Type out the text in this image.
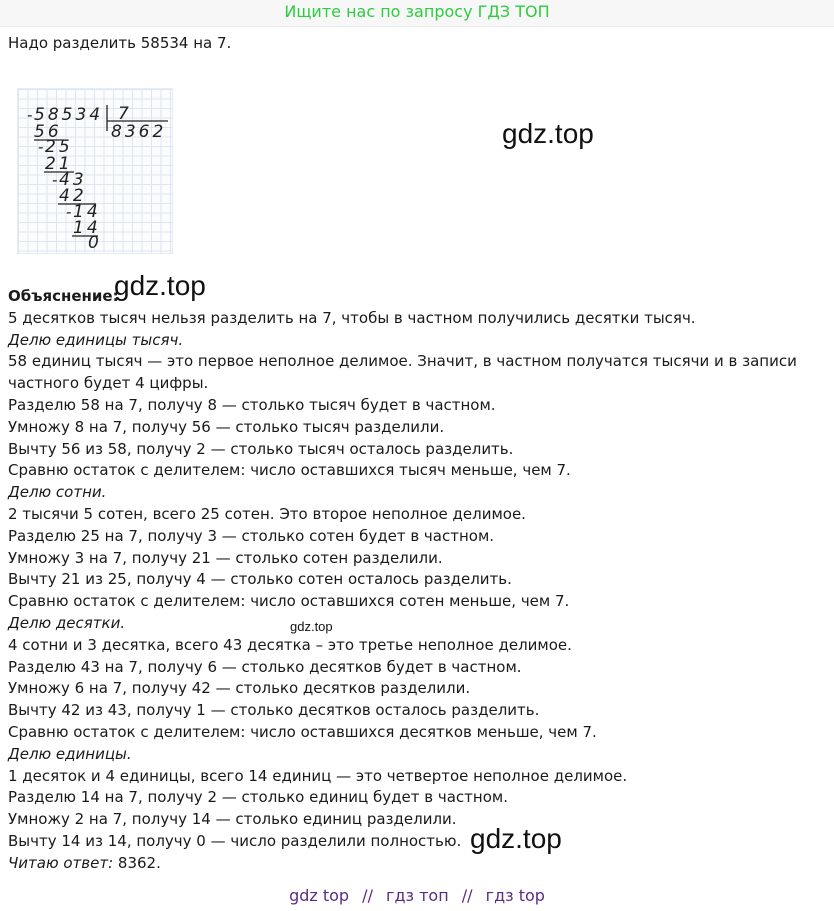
Ищите нас по запросу ГДЗ ТОП
Надо разделить 58534 на 7.
- 58534 7
8362
56
- 25
21
- 43
42
- 14
14
0
gdz.top
gdz.top
gdz.top
gdz.top
Объяснение:
5 десятков тысяч нельзя разделить на 7, чтобы в частном получились десятки тысяч.
Делю единицы тысяч.
58 единиц тысяч — это первое неполное делимое. Значит, в частном получатся тысячи и в записи частного будет 4 цифры.
Разделю 58 на 7, получу 8 — столько тысяч будет в частном.
Умножу 8 на 7, получу 56 — столько тысяч разделили.
Вычту 56 из 58, получу 2 — столько тысяч осталось разделить.
Сравню остаток с делителем: число оставшихся тысяч меньше, чем 7.
Делю сотни.
2 тысячи 5 сотен, всего 25 сотен. Это второе неполное делимое.
Разделю 25 на 7, получу 3 — столько сотен будет в частном.
Умножу 3 на 7, получу 21 — столько сотен разделили.
Вычту 21 из 25, получу 4 — столько сотен осталось разделить.
Сравню остаток с делителем: число оставшихся сотен меньше, чем 7.
Делю десятки.
4 сотни и 3 десятка, всего 43 десятка – это третье неполное делимое.
Разделю 43 на 7, получу 6 — столько десятков будет в частном.
Умножу 6 на 7, получу 42 — столько десятков разделили.
Вычту 42 из 43, получу 1 — столько десятков осталось разделить.
Сравню остаток с делителем: число оставшихся десятков меньше, чем 7.
Делю единицы.
1 десяток и 4 единицы, всего 14 единиц — это четвертое неполное делимое.
Разделю 14 на 7, получу 2 — столько единиц будет в частном.
Умножу 2 на 7, получу 14 — столько единиц разделили.
Вычту 14 из 14, получу 0 — число разделили полностью.
Читаю ответ: 8362.
gdz top // гдз топ // гдз top
